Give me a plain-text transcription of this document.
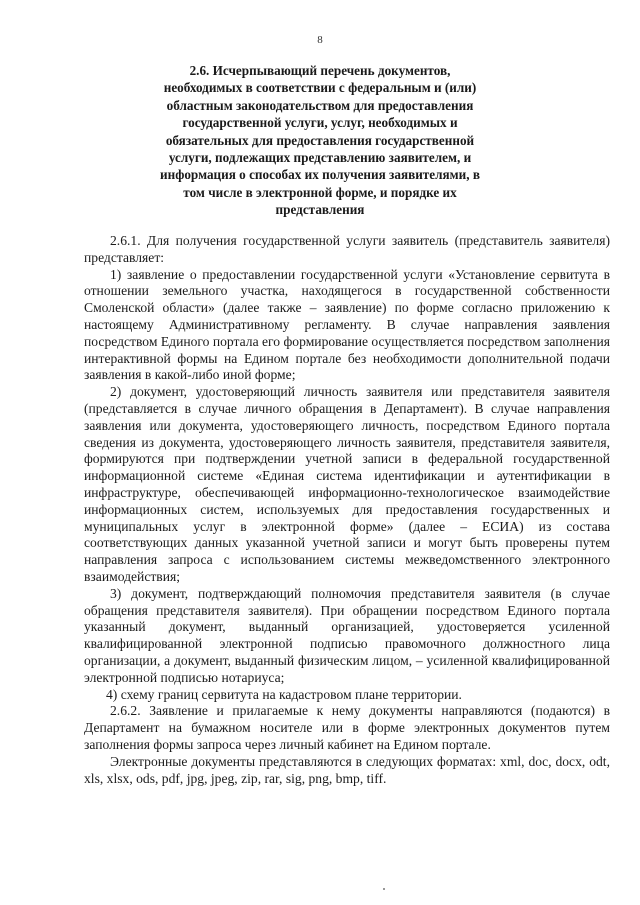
8
2.6. Исчерпывающий перечень документов, необходимых в соответствии с федеральным и (или) областным законодательством для предоставления государственной услуги, услуг, необходимых и обязательных для предоставления государственной услуги, подлежащих представлению заявителем, и информация о способах их получения заявителями, в том числе в электронной форме, и порядке их представления

2.6.1. Для получения государственной услуги заявитель (представитель заявителя) представляет:

1) заявление о предоставлении государственной услуги «Установление сервитута в отношении земельного участка, находящегося в государственной собственности Смоленской области» (далее также – заявление) по форме согласно приложению к настоящему Административному регламенту. В случае направления заявления посредством Единого портала его формирование осуществляется посредством заполнения интерактивной формы на Едином портале без необходимости дополнительной подачи заявления в какой-либо иной форме;

2) документ, удостоверяющий личность заявителя или представителя заявителя (представляется в случае личного обращения в Департамент). В случае направления заявления или документа, удостоверяющего личность, посредством Единого портала сведения из документа, удостоверяющего личность заявителя, представителя заявителя, формируются при подтверждении учетной записи в федеральной государственной информационной системе «Единая система идентификации и аутентификации в инфраструктуре, обеспечивающей информационно-технологическое взаимодействие информационных систем, используемых для предоставления государственных и муниципальных услуг в электронной форме» (далее – ЕСИА) из состава соответствующих данных указанной учетной записи и могут быть проверены путем направления запроса с использованием системы межведомственного электронного взаимодействия;

3) документ, подтверждающий полномочия представителя заявителя (в случае обращения представителя заявителя). При обращении посредством Единого портала указанный документ, выданный организацией, удостоверяется усиленной квалифицированной электронной подписью правомочного должностного лица организации, а документ, выданный физическим лицом, – усиленной квалифицированной электронной подписью нотариуса;

4) схему границ сервитута на кадастровом плане территории.

2.6.2. Заявление и прилагаемые к нему документы направляются (подаются) в Департамент на бумажном носителе или в форме электронных документов путем заполнения формы запроса через личный кабинет на Едином портале.

Электронные документы представляются в следующих форматах: xml, doc, docx, odt, xls, xlsx, ods, pdf, jpg, jpeg, zip, rar, sig, png, bmp, tiff.
